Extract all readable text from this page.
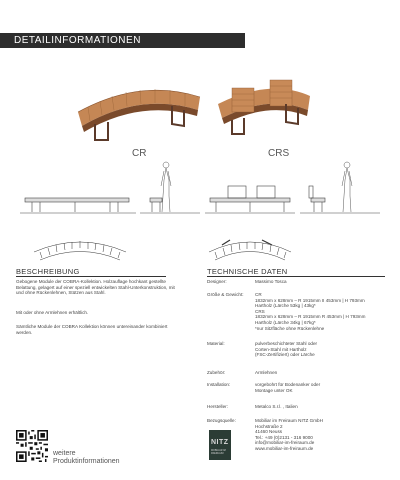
DETAILINFORMATIONEN
CR	CRS
BESCHREIBUNG
Gebogene Module der COBRA-Kollektion. Holzauflage hochkant gestellte Belattung, gelagert auf einer speziell entwickelten Stahl-Unterkonstruktion, mit und ohne Rückenlehnen, Stützen aus Stahl.
Mit oder ohne Armlehnen erhältlich.
Sämtliche Module der COBRA Kollektion können untereinander kombiniert werden.
TECHNISCHE DATEN
Designer:	Massimo Tosca
Größe & Gewicht:	CR
1832mm x 628mm – R 1915mm II 453mm | H 793mm
Hartholz (Lärche 53kg | 43kg*
CRS
1832mm x 628mm – R 1915mm R 453mm | H 793mm
Hartholz (Lärche 34kg | 67kg*
*nur Sitzfläche ohne Rückenlehne
Material:	pulverbeschichteter Stahl oder
Corten-Stahl mit Hartholz
(FSC-Zertifiziert) oder Lärche
Zubehör:	Armlehnen
Installation:	vorgebohrt für Bodenanker oder
Montage unter OK
Hersteller:	Metalco S.r.l. , Italien
Bezugsquelle:	Mobiliar im Freiraum NITZ GmbH
Hochstraße 2
41460 Neuss
Tel.: +49 (0)2131 - 316 9000
info@mobiliar-im-freiraum.de
www.mobiliar-im-freiraum.de
NITZ
MOBILIAR IM FREIRAUM
weitere
Produktinformationen
